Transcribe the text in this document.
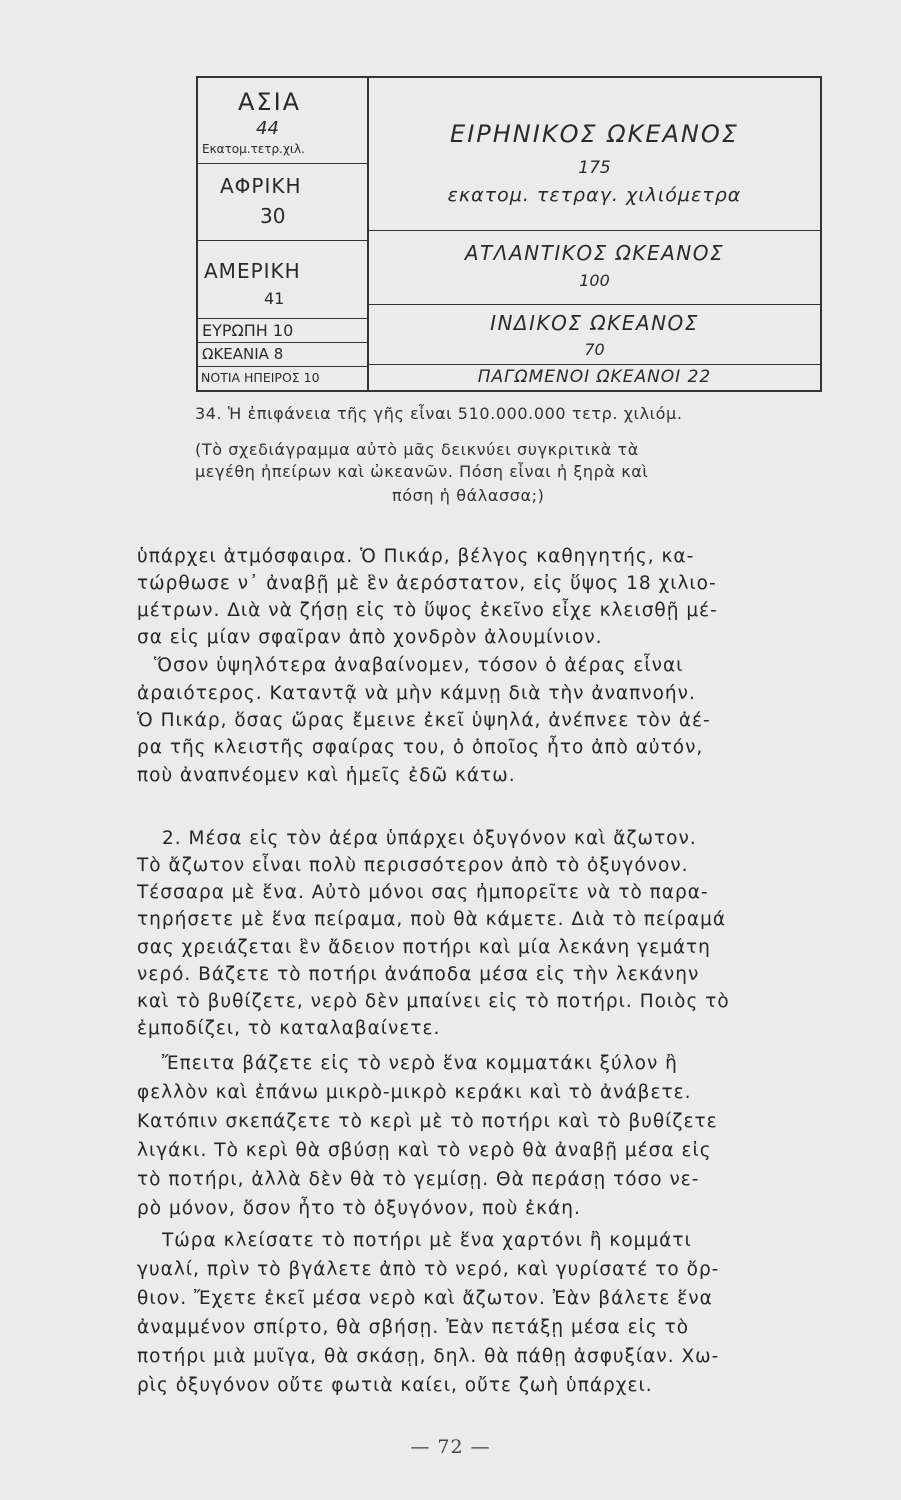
ΑΣΙΑ
44
Εκατομ.τετρ.χιλ.
ΑΦΡΙΚΗ
30
ΑΜΕΡΙΚΗ
41
ΕΥΡΩΠΗ 10
ΩΚΕΑΝΙΑ 8
ΝΟΤΙΑ ΗΠΕΙΡΟΣ 10
ΕΙΡΗΝΙΚΟΣ ΩΚΕΑΝΟΣ
175
εκατομ. τετραγ. χιλιόμετρα
ΑΤΛΑΝΤΙΚΟΣ ΩΚΕΑΝΟΣ
100
ΙΝΔΙΚΟΣ ΩΚΕΑΝΟΣ
70
ΠΑΓΩΜΕΝΟΙ ΩΚΕΑΝΟΙ 22
34. Ἡ ἐπιφάνεια τῆς γῆς εἶναι 510.000.000 τετρ. χιλιόμ.
(Τὸ σχεδιάγραμμα αὐτὸ μᾶς δεικνύει συγκριτικὰ τὰ
μεγέθη ἠπείρων καὶ ὠκεανῶν. Πόση εἶναι ἡ ξηρὰ καὶ
πόση ἡ θάλασσα;)
ὑπάρχει ἀτμόσφαιρα. Ὁ Πικάρ, βέλγος καθηγητής, κα-
τώρθωσε ν᾽ ἀναβῇ μὲ ἓν ἀερόστατον, εἰς ὕψος 18 χιλιο-
μέτρων. Διὰ νὰ ζήσῃ εἰς τὸ ὕψος ἐκεῖνο εἶχε κλεισθῇ μέ-
σα εἰς μίαν σφαῖραν ἀπὸ χονδρὸν ἀλουμίνιον.
Ὅσον ὑψηλότερα ἀναβαίνομεν, τόσον ὁ ἀέρας εἶναι
ἀραιότερος. Καταντᾷ νὰ μὴν κάμνῃ διὰ τὴν ἀναπνοήν.
Ὁ Πικάρ, ὅσας ὥρας ἔμεινε ἐκεῖ ὑψηλά, ἀνέπνεε τὸν ἀέ-
ρα τῆς κλειστῆς σφαίρας του, ὁ ὁποῖος ἦτο ἀπὸ αὐτόν,
ποὺ ἀναπνέομεν καὶ ἡμεῖς ἐδῶ κάτω.
2. Μέσα εἰς τὸν ἀέρα ὑπάρχει ὀξυγόνον καὶ ἄζωτον.
Τὸ ἄζωτον εἶναι πολὺ περισσότερον ἀπὸ τὸ ὀξυγόνον.
Τέσσαρα μὲ ἕνα. Αὐτὸ μόνοι σας ἠμπορεῖτε νὰ τὸ παρα-
τηρήσετε μὲ ἕνα πείραμα, ποὺ θὰ κάμετε. Διὰ τὸ πείραμά
σας χρειάζεται ἓν ἄδειον ποτήρι καὶ μία λεκάνη γεμάτη
νερό. Βάζετε τὸ ποτήρι ἀνάποδα μέσα εἰς τὴν λεκάνην
καὶ τὸ βυθίζετε, νερὸ δὲν μπαίνει εἰς τὸ ποτήρι. Ποιὸς τὸ
ἐμποδίζει, τὸ καταλαβαίνετε.
Ἔπειτα βάζετε εἰς τὸ νερὸ ἕνα κομματάκι ξύλον ἢ
φελλὸν καὶ ἐπάνω μικρὸ-μικρὸ κεράκι καὶ τὸ ἀνάβετε.
Κατόπιν σκεπάζετε τὸ κερὶ μὲ τὸ ποτήρι καὶ τὸ βυθίζετε
λιγάκι. Τὸ κερὶ θὰ σβύσῃ καὶ τὸ νερὸ θὰ ἀναβῇ μέσα εἰς
τὸ ποτήρι, ἀλλὰ δὲν θὰ τὸ γεμίσῃ. Θὰ περάσῃ τόσο νε-
ρὸ μόνον, ὅσον ἦτο τὸ ὀξυγόνον, ποὺ ἐκάη.
Τώρα κλείσατε τὸ ποτήρι μὲ ἕνα χαρτόνι ἢ κομμάτι
γυαλί, πρὶν τὸ βγάλετε ἀπὸ τὸ νερό, καὶ γυρίσατέ το ὄρ-
θιον. Ἔχετε ἐκεῖ μέσα νερὸ καὶ ἄζωτον. Ἐὰν βάλετε ἕνα
ἀναμμένον σπίρτο, θὰ σβήσῃ. Ἐὰν πετάξῃ μέσα εἰς τὸ
ποτήρι μιὰ μυῖγα, θὰ σκάσῃ, δηλ. θὰ πάθῃ ἀσφυξίαν. Χω-
ρὶς ὀξυγόνον οὔτε φωτιὰ καίει, οὔτε ζωὴ ὑπάρχει.
— 72 —
